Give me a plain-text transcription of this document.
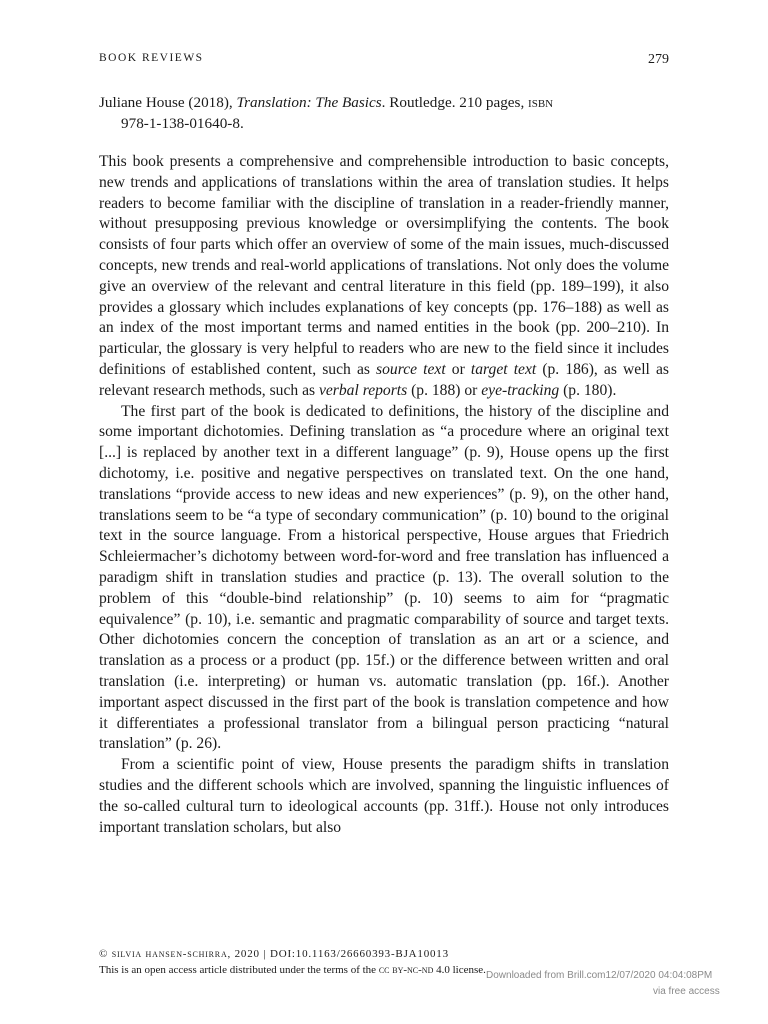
BOOK REVIEWS	279
Juliane House (2018), Translation: The Basics. Routledge. 210 pages, isbn
978-1-138-01640-8.

This book presents a comprehensive and comprehensible introduction to basic concepts, new trends and applications of translations within the area of translation studies. It helps readers to become familiar with the discipline of translation in a reader-friendly manner, without presupposing previous knowledge or oversimplifying the contents. The book consists of four parts which offer an overview of some of the main issues, much-discussed concepts, new trends and real-world applications of translations. Not only does the volume give an overview of the relevant and central literature in this field (pp. 189–199), it also provides a glossary which includes explanations of key concepts (pp. 176–188) as well as an index of the most important terms and named entities in the book (pp. 200–210). In particular, the glossary is very helpful to readers who are new to the field since it includes definitions of established content, such as source text or target text (p. 186), as well as relevant research methods, such as verbal reports (p. 188) or eye-tracking (p. 180).

The first part of the book is dedicated to definitions, the history of the discipline and some important dichotomies. Defining translation as “a procedure where an original text [...] is replaced by another text in a different language” (p. 9), House opens up the first dichotomy, i.e. positive and negative perspectives on translated text. On the one hand, translations “provide access to new ideas and new experiences” (p. 9), on the other hand, translations seem to be “a type of secondary communication” (p. 10) bound to the original text in the source language. From a historical perspective, House argues that Friedrich Schleiermacher’s dichotomy between word-for-word and free translation has influenced a paradigm shift in translation studies and practice (p. 13). The overall solution to the problem of this “double-bind relationship” (p. 10) seems to aim for “pragmatic equivalence” (p. 10), i.e. semantic and pragmatic comparability of source and target texts. Other dichotomies concern the conception of translation as an art or a science, and translation as a process or a product (pp. 15f.) or the difference between written and oral translation (i.e. interpreting) or human vs. automatic translation (pp. 16f.). Another important aspect discussed in the first part of the book is translation competence and how it differentiates a professional translator from a bilingual person practicing “natural translation” (p. 26).

From a scientific point of view, House presents the paradigm shifts in translation studies and the different schools which are involved, spanning the linguistic influences of the so-called cultural turn to ideological accounts (pp. 31ff.). House not only introduces important translation scholars, but also

© silvia hansen-schirra, 2020 | DOI:10.1163/26660393-BJA10013
This is an open access article distributed under the terms of the cc by-nc-nd 4.0 license. Downloaded from Brill.com12/07/2020 04:04:08PM
via free access
